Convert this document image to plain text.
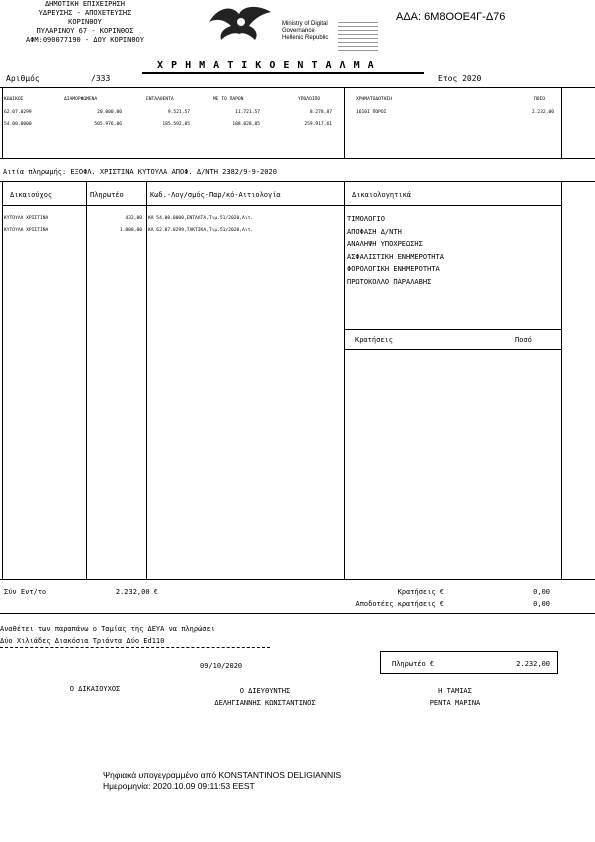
ΔΗΜΟΤΙΚΗ ΕΠΙΧΕΙΡΗΣΗ
ΥΔΡΕΥΣΗΣ - ΑΠΟΧΕΤΕΥΣΗΣ
ΚΟΡΙΝΘΟΥ
ΠΥΛΑΡΙΝΟΥ 67 - ΚΟΡΙΝΘΟΣ
ΑΦΜ:090077190 - ΔΟΥ ΚΟΡΙΝΘΟΥ
Ministry of Digital
Governance
Hellenic Republic
ΑΔΑ: 6Μ8ΟΟΕ4Γ-Δ76
Χ Ρ Η Μ Α Τ Ι Κ Ο Ε Ν Τ Α Λ Μ Α
Αριθμός	/333	Ετος 2020
ΚΩΔΙΚΟΣ	ΔΙΑΜΟΡΦΩΜΕΝΑ	ΕΝΤΑΛΘΕΝΤΑ	ΜΕ ΤΟ ΠΑΡΟΝ	ΥΠΟΛΟΙΠΟ	ΧΡΗΜΑΤΟΔΟΤΗΣΗ	ΠΟΣΟ
62.07.0299	20.000,00	9.521,57	11.721,57	8.278,87	1610Ι ΠΟΡΟΙ	2.232,00
54.00.0000	505.976,06	185.592,85	188.028,85	259.917,61
Αιτία πληρωμής: ΕΞΟΦΛ. ΧΡΙΣΤΙΝΑ ΚΥΤΟΥΛΑ ΑΠΟΦ. Δ/ΝΤΗ 2382/9-9-2020
Δικαιούχος	Πληρωτέο	Κωδ.-Λογ/σμός-Παρ/κό-Αιτιολογία	Δικαιολογητικά
ΚΥΤΟΥΛΑ ΧΡΙΣΤΙΝΑ	432,00 ΚΑ 54.00.0000,ΕΝΤΑΛΤΑ,Τιμ.51/2020,Αιτ.
ΚΥΤΟΥΛΑ ΧΡΙΣΤΙΝΑ	1.800,00 ΚΑ 62.07.0299,ΤΑΚΤΙΚΑ,Τιμ.51/2020,Αιτ.
ΤΙΜΟΛΟΓΙΟ
ΑΠΟΦΑΣΗ Δ/ΝΤΗ
ΑΝΑΛΗΨΗ ΥΠΟΧΡΕΩΣΗΣ
ΑΣΦΑΛΙΣΤΙΚΗ ΕΝΗΜΕΡΟΤΗΤΑ
ΦΟΡΟΛΟΓΙΚΗ ΕΝΗΜΕΡΟΤΗΤΑ
ΠΡΩΤΟΚΟΛΛΟ ΠΑΡΑΛΑΒΗΣ
Κρατήσεις	Ποσό
Σύν Εντ/το	2.232,00 €	Κρατήσεις €	0,00
Αποδοτέες κρατήσεις €	0,00
Αναθέτει των παραπάνω ο Ταμίας της ΔΕΥΑ να πληρώσει
Δύο Χιλιάδες Διακόσια Τριάντα Δύο Εd110
09/10/2020	Πληρωτέο €	2.232,00
Ο ΔΙΚΑΙΟΥΧΟΣ	Ο ΔΙΕΥΘΥΝΤΗΣ
ΔΕΛΗΓΙΑΝΝΗΣ ΚΩΝΣΤΑΝΤΙΝΟΣ
Η ΤΑΜΙΑΣ
ΡΕΝΤΑ ΜΑΡΙΝΑ
Ψηφιακά υπογεγραμμένο από KONSTANTINOS DELIGIANNIS
Ημερομηνία: 2020.10.09 09:11:53 EEST
